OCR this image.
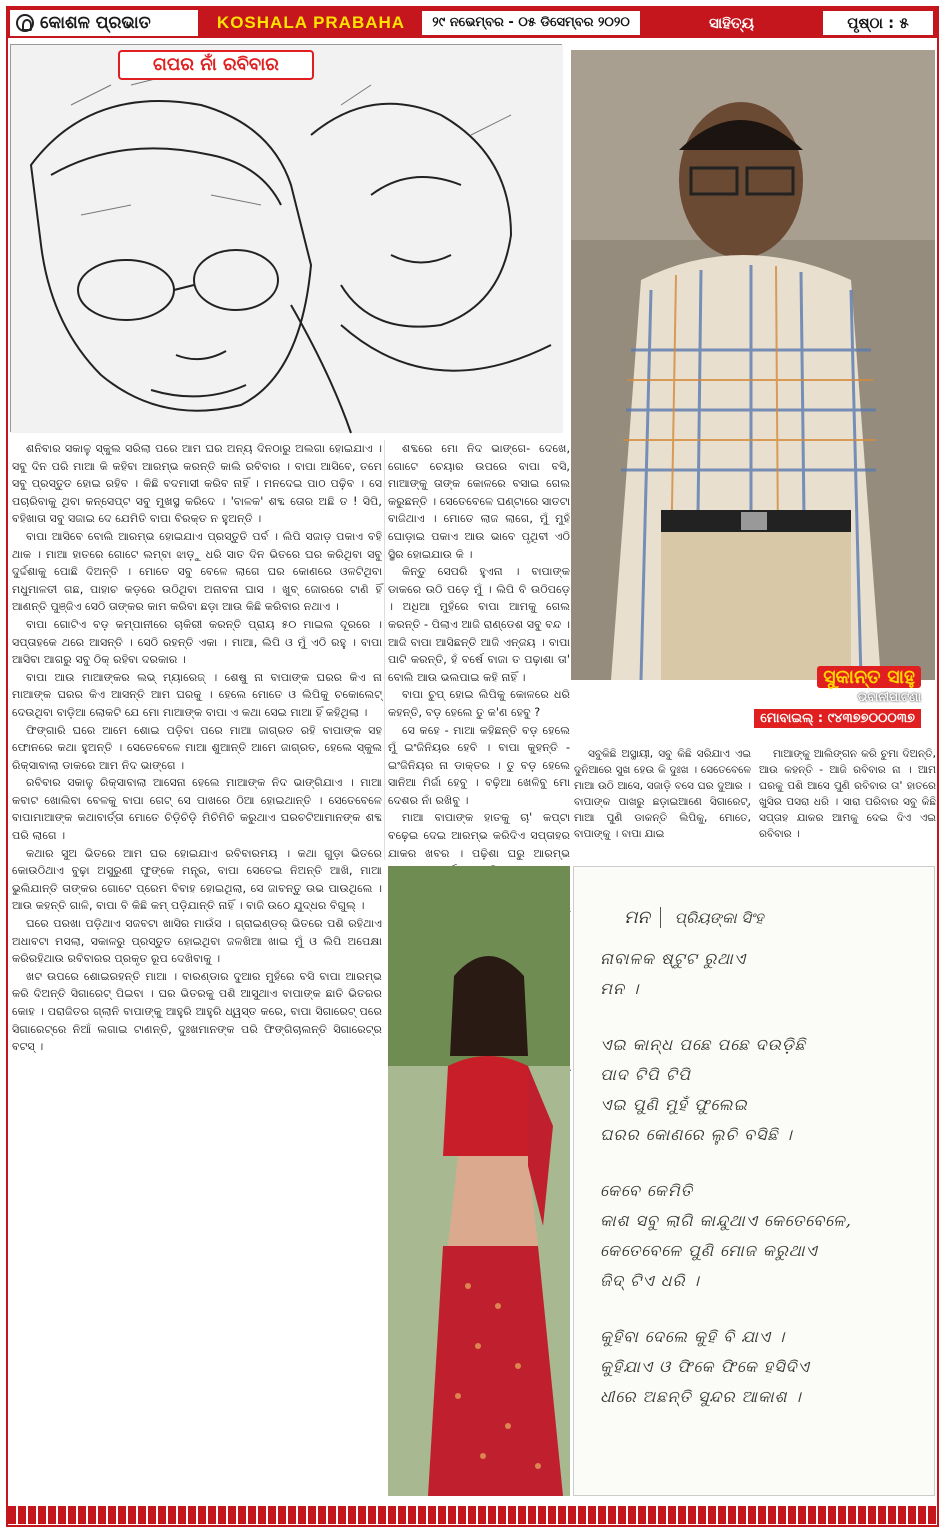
କୋଶଳ ପ୍ରଭାତ	KOSHALA PRABAHA	୨୯ ନଭେମ୍ବର - ୦୫ ଡିସେମ୍ବର ୨୦୨୦	ସାହିତ୍ୟ	ପୃଷ୍ଠା : ୫
ଗପର ନାଁ ରବିବାର
ସୁକାନ୍ତ ସାହୁ
ଭବାନୀପାଟଣା
ମୋବାଇଲ୍ : ୯୪୩୭୭୦୦୦୩୭

ଶନିବାର ସକାଳୁ ସ୍କୁଲ ସରିଲା ପରେ ଆମ ଘର ଅନ୍ୟ ଦିନଠାରୁ ଅଲଗା ହୋଇଯାଏ । ସବୁ ଦିନ ପରି ମାଆ କି କହିବା ଆରମ୍ଭ କରନ୍ତି କାଲି ରବିବାର । ବାପା ଆସିବେ, ତମେ ସବୁ ପ୍ରସ୍ତୁତ ହୋଇ ରହିବ । କିଛି ବଦମାସୀ କରିବ ନାହିଁ । ମନଦେଇ ପାଠ ପଢ଼ିବ । ସେ ପଚାରିବାକୁ ଥିବା କନ୍‌ସେପ୍ଟ ସବୁ ମୁଖସ୍ଥ କରିଦେ । 'ବାଳକ' ଶବ୍ଦ ତୋର ଅଛି ତ ! ସିପି, ବହିଖାତା ସବୁ ସଜାଇ ଦେ ଯେମିତି ବାପା ବିରକ୍ତ ନ ହୁଅନ୍ତି ।

ବାପା ଆସିବେ ବୋଲି ଆରମ୍ଭ ହୋଇଯାଏ ପ୍ରସ୍ତୁତି ପର୍ବ । ଲିପି ସଜାଡ଼ ପକାଏ ବହି ଥାକ । ମାଆ ହାତରେ ଗୋଟେ ଲମ୍ବା ଝାଡ଼ୁ ଧରି ସାତ ଦିନ ଭିତରେ ଘର କରିଥିବା ସବୁ ଦୁର୍ଦ୍ଦଶାକୁ ପୋଛି ଦିଅନ୍ତି । ମୋତେ ସବୁ ବେଳେ ଲାଗେ ଘର କୋଣରେ ଓଳଟିଥିବା ମଧୁମାଳତୀ ଗଛ, ପାହାଚ କଡ଼ରେ ଉଠିଥିବା ଅନାବନା ଘାସ । ଖୁବ୍ ଜୋରରେ ଟାଣି ହିଁ ଆଣନ୍ତି ପୁଞ୍ଜିଏ ସେଠି ତାଙ୍କର କାମ କରିବା ଛଡ଼ା ଆଉ କିଛି କରିବାର ନଥାଏ ।

ବାପା ଗୋଟିଏ ବଡ଼ କମ୍ପାନୀରେ ଚାକିରୀ କରନ୍ତି ପ୍ରାୟ ୫୦ ମାଇଲ ଦୂରରେ । ସପ୍ତାହକେ ଥରେ ଆସନ୍ତି । ସେଠି ରହନ୍ତି ଏକା । ମାଆ, ଲିପି ଓ ମୁଁ ଏଠି ରହୁ । ବାପା ଆସିବା ଆଗରୁ ସବୁ ଠିକ୍ ରହିବା ଦରକାର ।

ବାପା ଆଉ ମାଆଙ୍କର ଲଭ୍ ମ୍ୟାରେଜ୍ । ଶେଷୁ ନା ବାପାଙ୍କ ଘରର କିଏ ନା ମାଆଙ୍କ ଘରର କିଏ ଆସନ୍ତି ଆମ ଘରକୁ । ହେଲେ ମୋତେ ଓ ଲିପିକୁ ଚକୋଲେଟ୍ ଦେଉଥିବା ବାଡ଼ିଆ ଲୋକଟି ଯେ ମୋ ମାଆଙ୍କ ବାପା ଏ କଥା ସେଇ ମାଆ ହିଁ କହିଥିଲା ।

ଫିଙ୍ଗାରି ଘରେ ଆମେ ଶୋଇ ପଡ଼ିବା ପରେ ମାଆ ଜାଗ୍ରତ ରହି ବାପାଙ୍କ ସହ ଫୋନରେ କଥା ହୁଅନ୍ତି । ସେତେବେଳେ ମାଆ ଶୁଆନ୍ତି ଆମେ ଜାଗ୍ରତ, ହେଲେ ସ୍କୁଲ ରିକ୍ସାବାଲା ଡାକରେ ଆମ ନିଦ ଭାଙ୍ଗେ ।

ରବିବାର ସକାଳୁ ରିକ୍ସାବାଲା ଆସେନା ହେଲେ ମାଆଙ୍କ ନିଦ ଭାଙ୍ଗିଯାଏ । ମାଆ କବାଟ ଖୋଲିବା ବେଳକୁ ବାପା ଗେଟ୍ ସେ ପାଖରେ ଠିଆ ହୋଇଥାନ୍ତି । ସେତେବେଳେ ବାପାମାଆଙ୍କ କଥାବାର୍ତ୍ତା ମୋତେ ଚିଡ଼ିଚିଡ଼ି ମିଚିମିଚି କରୁଥାଏ ଘରଚଟିଆମାନଙ୍କ ଶବ୍ଦ ପରି ଲାଗେ ।

କଥାର ସୁଅ ଭିତରେ ଆମ ଘର ହୋଇଯାଏ ରବିବାରମୟ । କଥା ଗୁଡ଼ା ଭିତରେ କୋଉଠିଥାଏ ବୁଢ଼ା ଅସୁରୁଣୀ ଫୁଙ୍କେ ମନ୍ତ୍ର, ବାପା ସେତେଇ ନିଅନ୍ତି ଆଖି, ମାଆ ଭୁଲିଯାନ୍ତି ତାଙ୍କର ଗୋଟେ ପ୍ରେମ ବିବାହ ହୋଇଥିଲା, ସେ ଜାବନ୍ତୁ ଉଭ ପାଉଥିଲେ । ଆଉ କହନ୍ତି ଗାଳି, ବାପା ବି କିଛି କମ୍ ପଡ଼ିଯାନ୍ତି ନାହିଁ । ବାଜି ଉଠେ ଯୁଦ୍ଧର ବିଗୁଲ୍ ।

ଘରେ ପରଖା ପଡ଼ିଥାଏ ସଜବଟା ଖାସିର ମାଉଁସ । ଗ୍ରାଇଣ୍ଡର୍ ଭିତରେ ପଶି ରହିଥାଏ ଅଧାବଟା ମସଲା, ସକାଳରୁ ପ୍ରସ୍ତୁତ ହୋଇଥିବା ଜଳଖିଆ ଖାଇ ମୁଁ ଓ ଲିପି ଅପେକ୍ଷା କରିରହିଥାଉ ରବିବାରର ପ୍ରକୃତ ରୂପ ଦେଖିବାକୁ ।

ଖଟ ଉପରେ ଶୋଇରହନ୍ତି ମାଆ । ବାରଣ୍ଡାର ଦୁଆର ମୁହଁରେ ବସି ବାପା ଆରମ୍ଭ କରି ଦିଅନ୍ତି ସିଗାରେଟ୍ ପିଇବା । ଘର ଭିତରକୁ ପଶି ଆସୁଥାଏ ବାପାଙ୍କ ଛାତି ଭିତରର କୋହ । ପରାଜିତର ଗ୍ଲାନି ବାପାଙ୍କୁ ଆହୁରି ଆହୁରି ଧ୍ୱସ୍ତ କରେ, ବାପା ସିଗାରେଟ୍ ପରେ ସିଗାରେଟ୍‌ରେ ନିଆଁ ଲଗାଇ ଟାଣନ୍ତି, ଦୁଃଖମାନଙ୍କ ପରି ଫିଙ୍ଗିଚାଲନ୍ତି ସିଗାରେଟ୍‌ର ବଟସ୍ ।

ଶବ୍ଦରେ ମୋ ନିଦ ଭାଙ୍ଗେ- ଦେଖେ, ଗୋଟେ ଚେୟାର ଉପରେ ବାପା ବସି, ମାଆଙ୍କୁ ତାଙ୍କ କୋଳରେ ବସାଇ ଗେଲ କରୁଛନ୍ତି । ସେତେବେଳେ ଘଣ୍ଟାରେ ସାତଟା ବାଜିଥାଏ । ମୋତେ ଲାଜ ଲାଗେ, ମୁଁ ମୁହଁ ଘୋଡ଼ାଇ ପକାଏ ଆଉ ଭାବେ ପୃଥିବୀ ଏଠି ସ୍ଥିର ହୋଇଯାଉ କି ।

କିନ୍ତୁ ସେପରି ହୁଏନା । ବାପାଙ୍କ ଡାକରେ ଉଠି ପଡ଼େ ମୁଁ । ଲିପି ବି ଉଠିପଡ଼େ । ଅଧିଆ ମୁହଁରେ ବାପା ଆମକୁ ଗେଲ କରନ୍ତି - ପିଲାଏ ଆଜି ରାଣ୍ଡେଶ ସବୁ ବନ୍ଦ । ଆଜି ବାପା ଆସିଛନ୍ତି ଆଜି ଏନ୍‌ଜୟ । ବାପା ପାଟି କରନ୍ତି, ହଁ ବର୍ଷେ ବାଜା ତ ପଢ଼ାଶା ତା' ବୋଲି ଆଉ ଭଲପାଇ କହି ନାହିଁ ।

ବାପା ଚୁପ୍ ହୋଇ ଲିପିକୁ କୋଳରେ ଧରି କହନ୍ତି, ବଡ଼ ହେଲେ ତୁ କ'ଣ ହେବୁ ?

ସେ କହେ - ମାଆ କହିଛନ୍ତି ବଡ଼ ହେଲେ ମୁଁ ଇଂଜିନିୟର ହେବି । ବାପା କୁହନ୍ତି - ଇଂଜିନିୟର ନା ଡାକ୍ତର । ତୁ ବଡ଼ ହେଲେ ସାନିଆ ମିର୍ଜା ହେବୁ । ବଢ଼ିଆ ଖେଳିବୁ ମୋ ଦେଶର ନାଁ ରଖିବୁ ।

ମାଆ ବାପାଙ୍କ ହାତକୁ ଚା' କପ୍‌ଟା ବଢ଼େଇ ଦେଇ ଆରମ୍ଭ କରିଦିଏ ସପ୍ତାହର ଯାକର ଖବର । ପଢ଼ିଶା ଘରୁ ଆରମ୍ଭ

ସବୁକିଛି ଅସ୍ଥାୟୀ, ସବୁ କିଛି ସରିଯାଏ ଏଇ ଦୁନିଆରେ ସୁଖ ହେଉ କି ଦୁଃଖ । ସେତେବେଳେ ମାଆ ଉଠି ଆସେ, ସଜାଡ଼ି ବସେ ଘର ଦୁଆର । ବାପାଙ୍କ ପାଖରୁ ଛଡ଼ାଇଆଣେ ସିଗାରେଟ୍, ମାଆ ପୁଣି ଡାକନ୍ତି ଲିପିକୁ, ମୋତେ, ବାପାଙ୍କୁ । ବାପା ଯାଇ

ମାଆଙ୍କୁ ଆଲିଙ୍ଗନ କରି ଚୁମା ଦିଅନ୍ତି, ଆଉ କହନ୍ତି - ଆଜି ରବିବାର ନା । ଆମ ଘରକୁ ପଶି ଆସେ ପୁଣି ରବିବାର ତା' ହାତରେ ଖୁସିର ପସରା ଧରି । ସାରା ପରିବାର ସବୁ କିଛି ସପ୍ତାହ ଯାକର ଆମକୁ ଦେଇ ଦିଏ ଏଇ ରବିବାର ।

ମନ ପ୍ରିୟଙ୍କା ସିଂହ
ନାବାଳକ ଷ୍ଟୁଟ ରୁଥାଏ
ମନ ।
ଏଇ କାନ୍ଧ ପଛେ ପଛେ ଦଉଡ଼ିଛି
ପାଦ ଟିପି ଟିପି
ଏଇ ପୁଣି ମୁହଁ ଫୁଲେଇ
ଘରର କୋଣରେ ଲୁଚି ବସିଛି ।
କେବେ କେମିତି
କାଶ ସବୁ ଲାଗି କାନ୍ଦୁଥାଏ କେତେବେଳେ,
କେତେବେଳେ ପୁଣି ମୋଜ କରୁଥାଏ
ଜିଦ୍ ଟିଏ ଧରି ।
କୁହିବା ଦେଲେ କୁହି ବି ଯାଏ ।
କୁହିଯାଏ ଓ ଫିକେ ଫିକେ ହସିଦିଏ
ଧୀରେ ଅଛନ୍ତି ସୁନ୍ଦର ଆକାଶ ।
